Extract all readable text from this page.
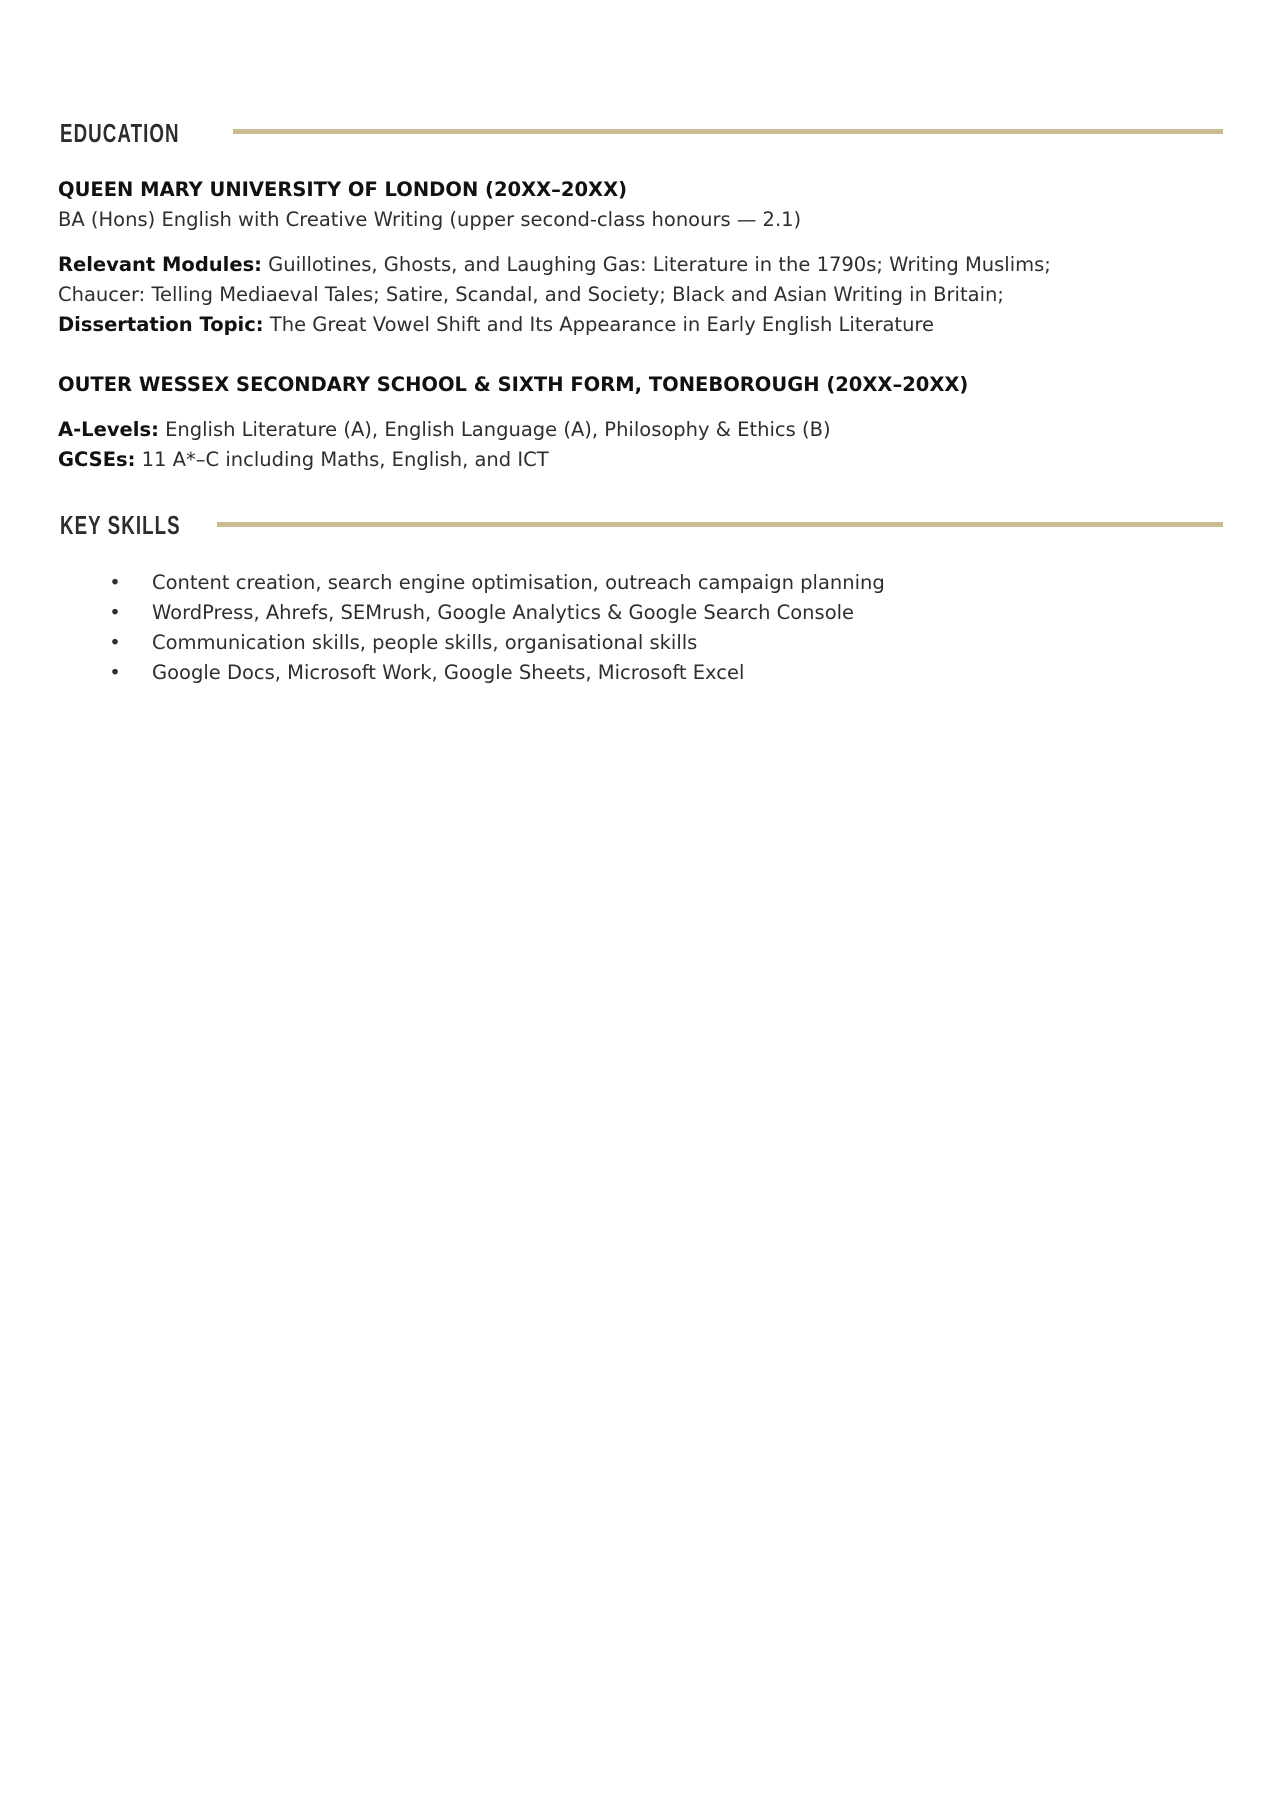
EDUCATION
QUEEN MARY UNIVERSITY OF LONDON (20XX–20XX)
BA (Hons) English with Creative Writing (upper second-class honours — 2.1)
Relevant Modules: Guillotines, Ghosts, and Laughing Gas: Literature in the 1790s; Writing Muslims;
Chaucer: Telling Mediaeval Tales; Satire, Scandal, and Society; Black and Asian Writing in Britain;
Dissertation Topic: The Great Vowel Shift and Its Appearance in Early English Literature
OUTER WESSEX SECONDARY SCHOOL & SIXTH FORM, TONEBOROUGH (20XX–20XX)
A-Levels: English Literature (A), English Language (A), Philosophy & Ethics (B)
GCSEs: 11 A*–C including Maths, English, and ICT
KEY SKILLS
• Content creation, search engine optimisation, outreach campaign planning
• WordPress, Ahrefs, SEMrush, Google Analytics & Google Search Console
• Communication skills, people skills, organisational skills
• Google Docs, Microsoft Work, Google Sheets, Microsoft Excel
